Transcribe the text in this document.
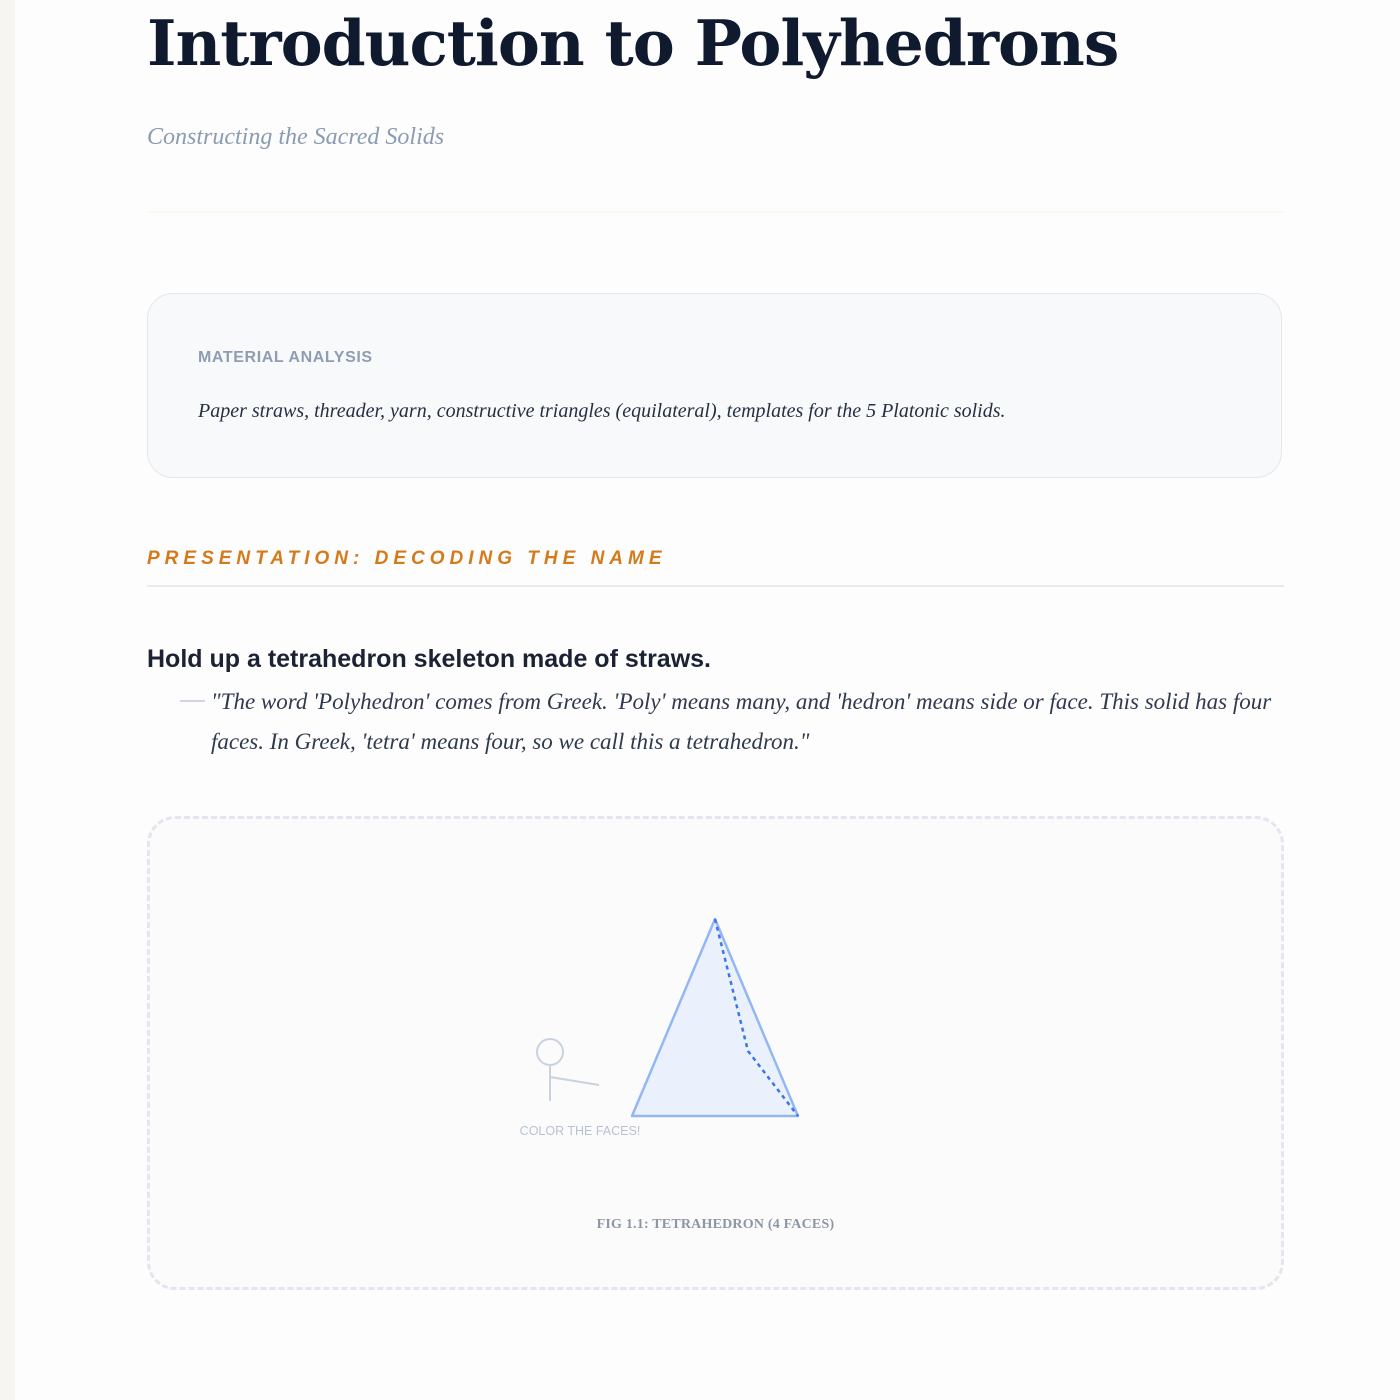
Introduction to Polyhedrons

Constructing the Sacred Solids

MATERIAL ANALYSIS
Paper straws, threader, yarn, constructive triangles (equilateral), templates for the 5 Platonic solids.
PRESENTATION: DECODING THE NAME
Hold up a tetrahedron skeleton made of straws.

"The word 'Polyhedron' comes from Greek. 'Poly' means many, and 'hedron' means side or face. This solid has four faces. In Greek, 'tetra' means four, so we call this a tetrahedron."

COLOR THE FACES!
FIG 1.1: TETRAHEDRON (4 FACES)
